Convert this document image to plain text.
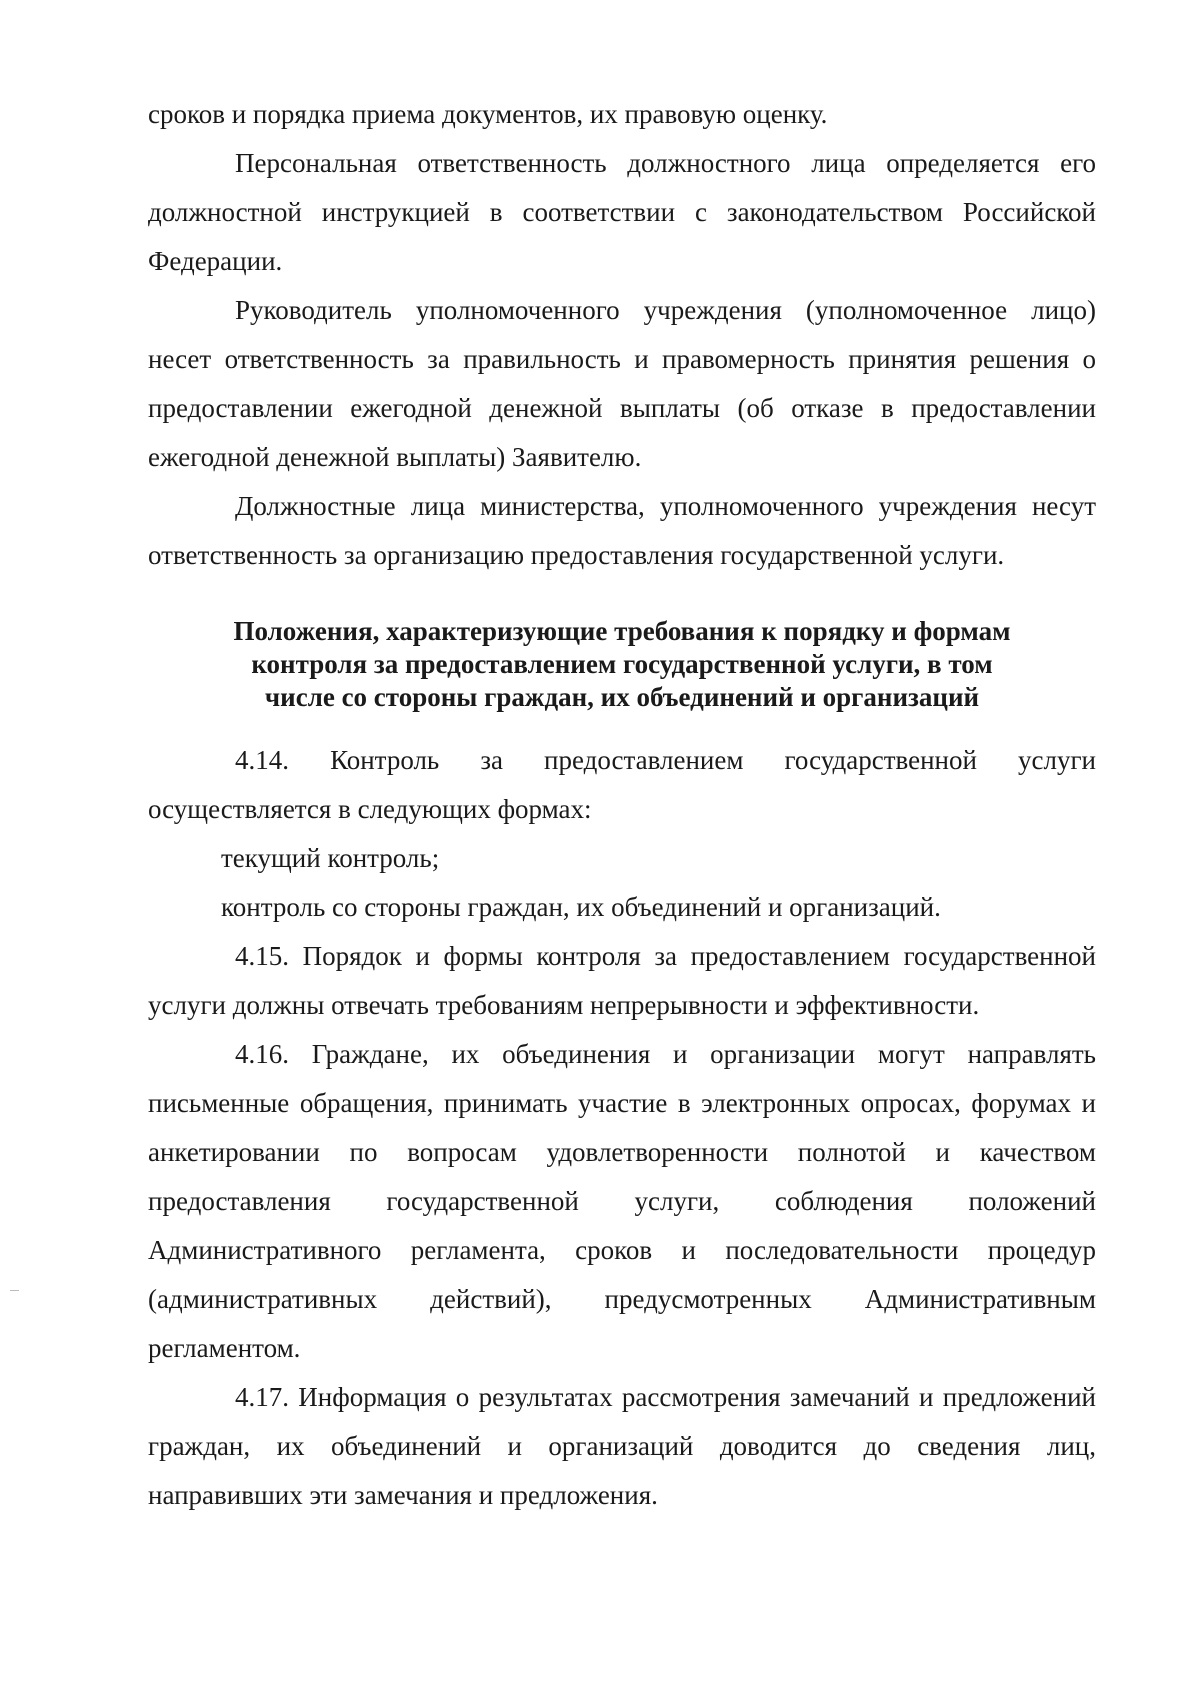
сроков и порядка приема документов, их правовую оценку.

Персональная ответственность должностного лица определяется его должностной инструкцией в соответствии с законодательством Российской Федерации.

Руководитель уполномоченного учреждения (уполномоченное лицо) несет ответственность за правильность и правомерность принятия решения о предоставлении ежегодной денежной выплаты (об отказе в предоставлении ежегодной денежной выплаты) Заявителю.

Должностные лица министерства, уполномоченного учреждения несут ответственность за организацию предоставления государственной услуги.

Положения, характеризующие требования к порядку и формам
контроля за предоставлением государственной услуги, в том
числе со стороны граждан, их объединений и организаций

4.14. Контроль за предоставлением государственной услуги осуществляется в следующих формах:

текущий контроль;

контроль со стороны граждан, их объединений и организаций.

4.15. Порядок и формы контроля за предоставлением государственной услуги должны отвечать требованиям непрерывности и эффективности.

4.16. Граждане, их объединения и организации могут направлять письменные обращения, принимать участие в электронных опросах, форумах и анкетировании по вопросам удовлетворенности полнотой и качеством предоставления государственной услуги, соблюдения положений Административного регламента, сроков и последовательности процедур (административных действий), предусмотренных Административным регламентом.

4.17. Информация о результатах рассмотрения замечаний и предложений граждан, их объединений и организаций доводится до сведения лиц, направивших эти замечания и предложения.
